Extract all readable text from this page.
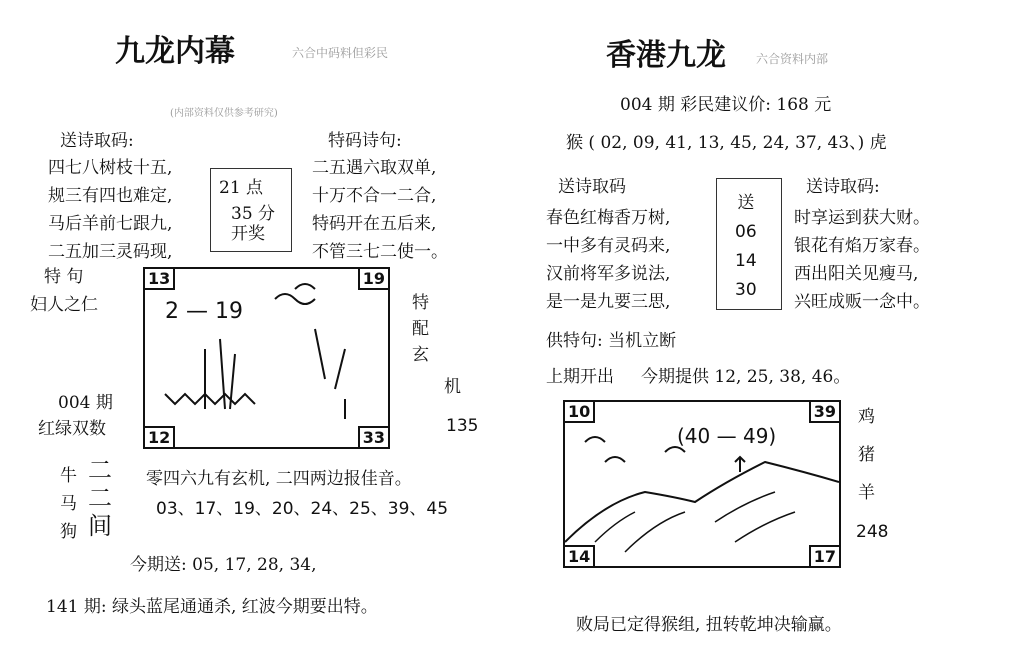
九龙内幕	六合中码料但彩民
(内部资料仅供参考研究)
送诗取码:	特码诗句:
四七八树枝十五,
规三有四也难定,
马后羊前七跟九,
二五加三灵码现,
21 点
35 分
开奖
二五遇六取双单,
十万不合一二合,
特码开在五后来,
不管三七二使一。
特 句
妇人之仁
004 期
红绿双数
2 — 19
13	19
12	33
特
配
玄
机
135
牛
马
狗
二
二
间
零四六九有玄机, 二四两边报佳音。
03、17、19、20、24、25、39、45
今期送: 05, 17, 28, 34,
141 期: 绿头蓝尾通通杀, 红波今期要出特。
香港九龙	六合资料内部
004 期 彩民建议价: 168 元
猴 ( 02, 09, 41, 13, 45, 24, 37, 43、) 虎
送诗取码	送诗取码:
春色红梅香万树,
一中多有灵码来,
汉前将军多说法,
是一是九要三思,
送
06
14
30
时享运到获大财。
银花有焰万家春。
西出阳关见瘦马,
兴旺成贩一念中。
供特句: 当机立断
上期开出     今期提供 12, 25, 38, 46。
(40 — 49)
10	39
14	17
鸡
猪
羊
248
败局已定得猴组, 扭转乾坤决输赢。
